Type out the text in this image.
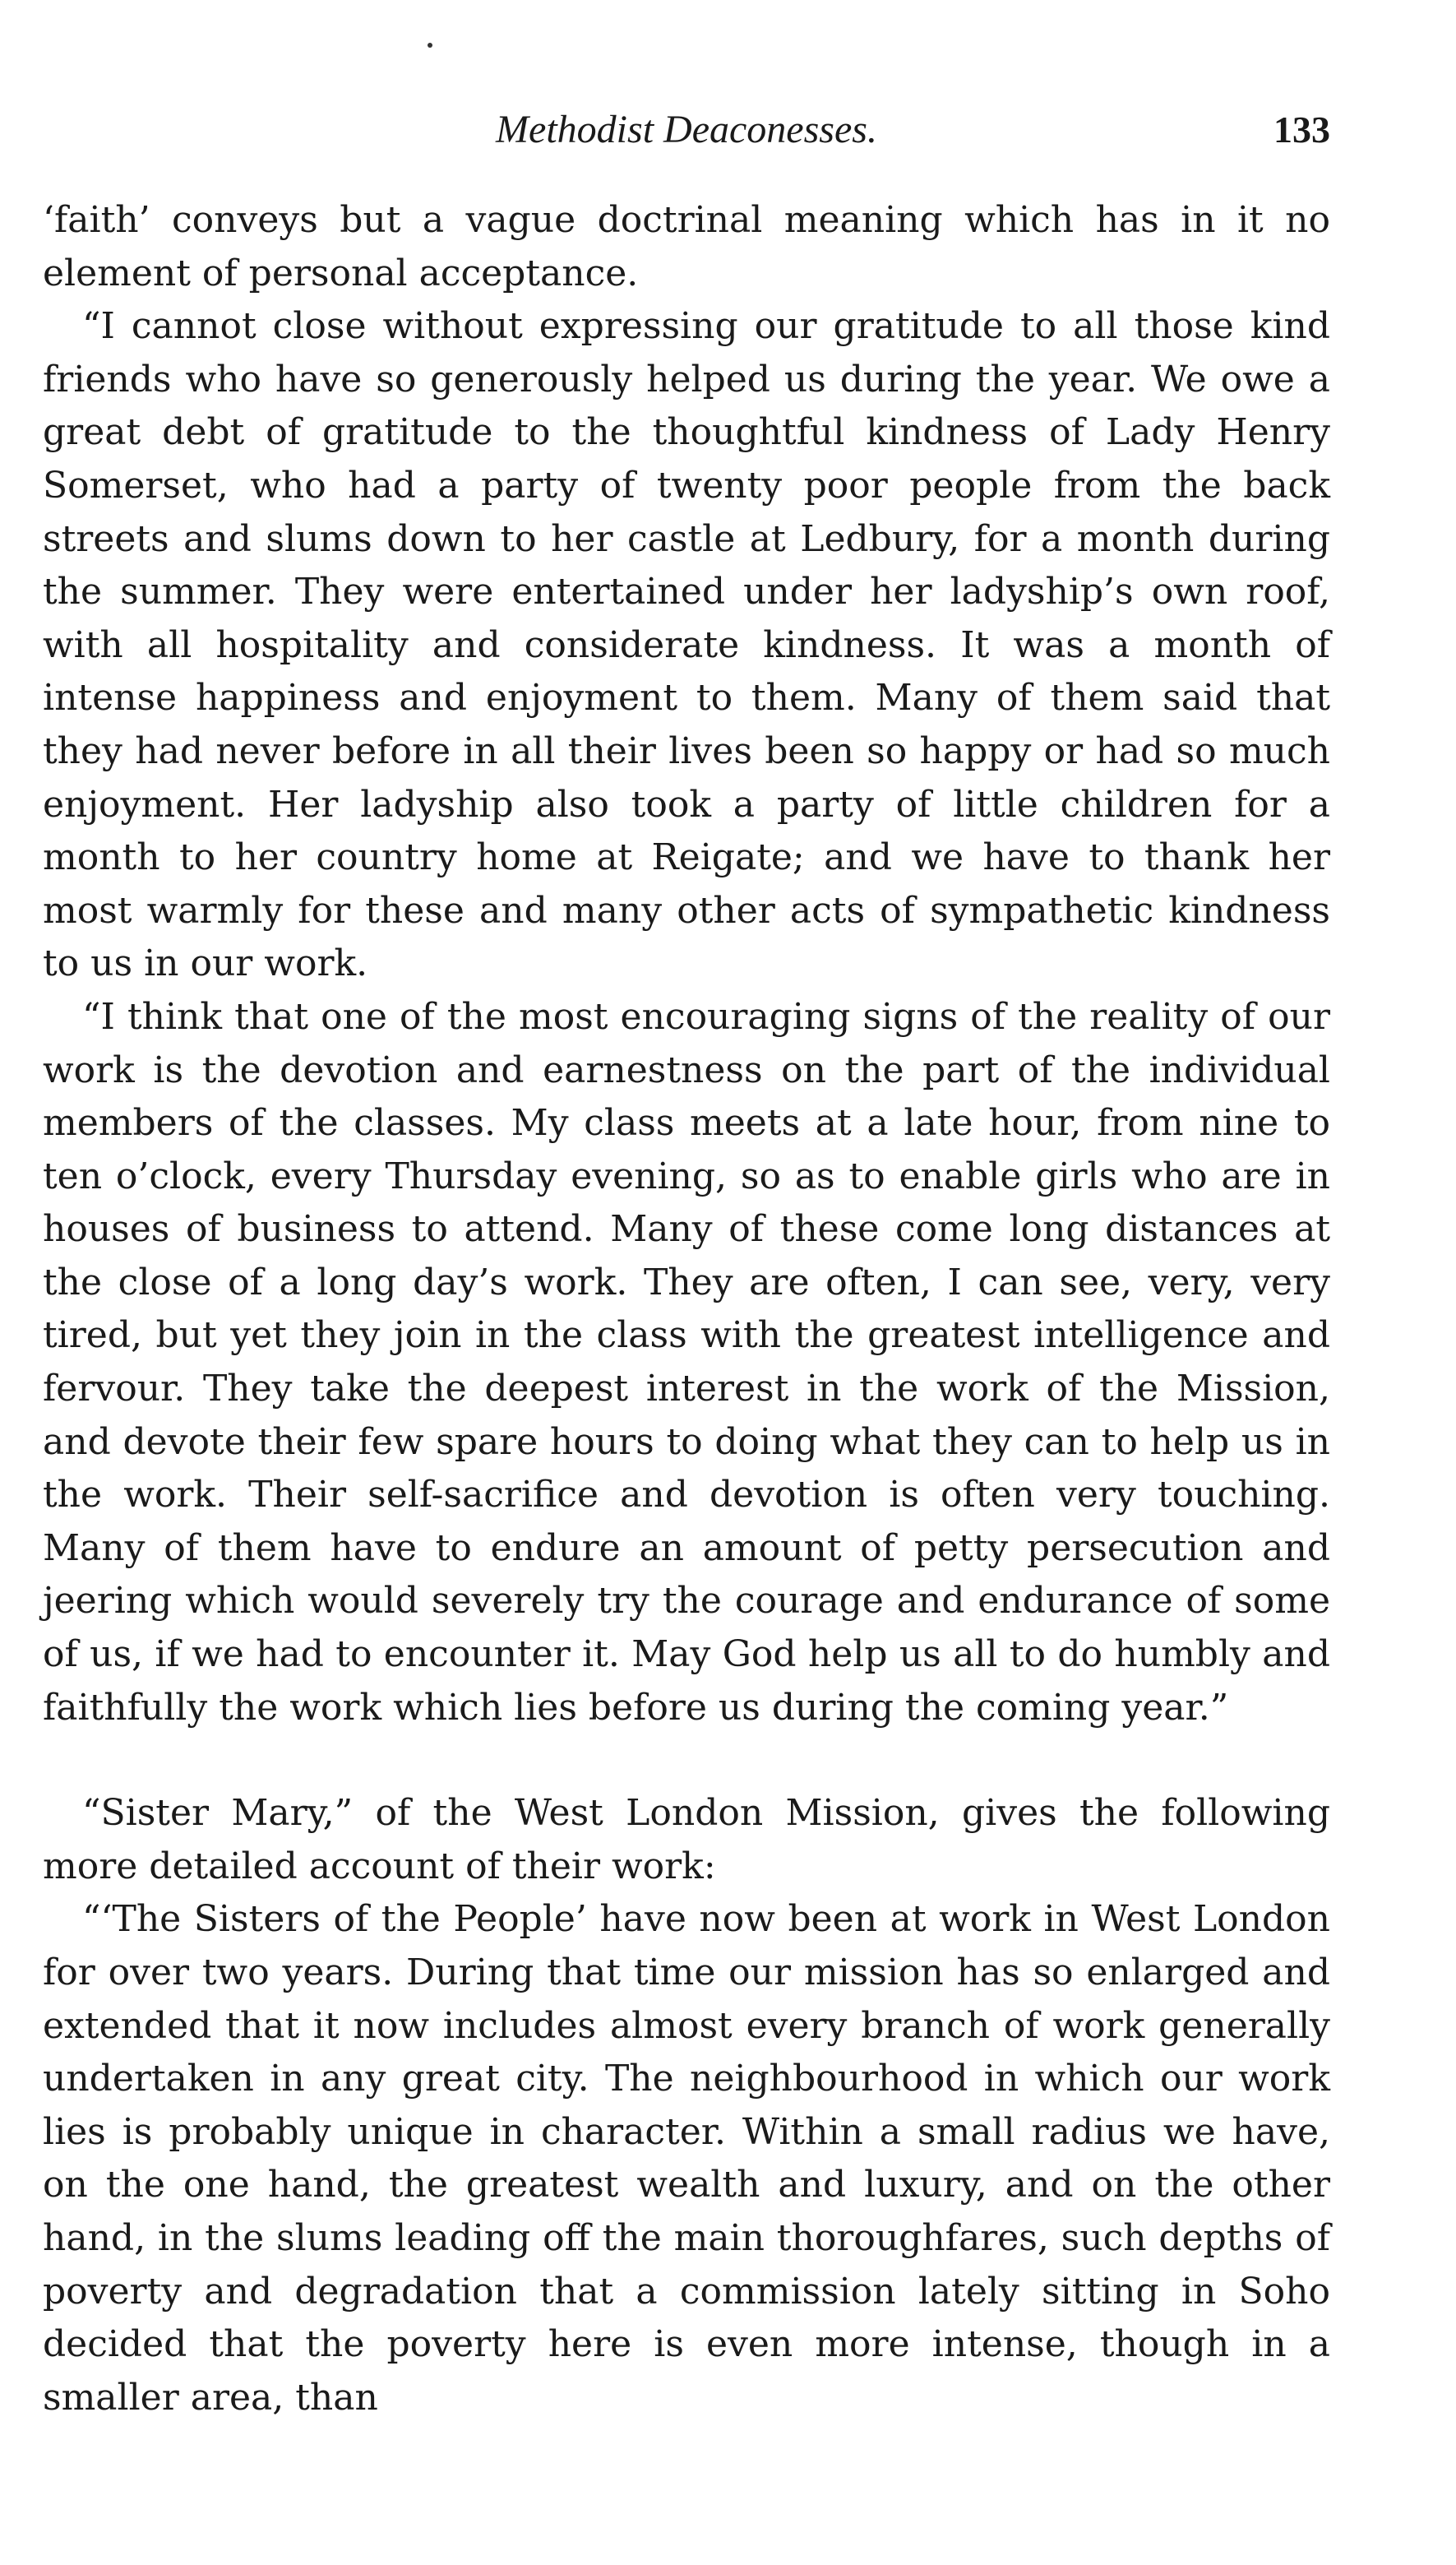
Methodist Deaconesses.	133

‘faith’ conveys but a vague doctrinal meaning which has in it no element of personal acceptance.

“I cannot close without expressing our gratitude to all those kind friends who have so generously helped us during the year. We owe a great debt of gratitude to the thoughtful kindness of Lady Henry Somerset, who had a party of twenty poor people from the back streets and slums down to her castle at Ledbury, for a month during the summer. They were entertained under her ladyship’s own roof, with all hospitality and considerate kindness. It was a month of intense happiness and enjoyment to them. Many of them said that they had never before in all their lives been so happy or had so much enjoyment. Her ladyship also took a party of little children for a month to her country home at Reigate; and we have to thank her most warmly for these and many other acts of sympathetic kindness to us in our work.

“I think that one of the most encouraging signs of the reality of our work is the devotion and earnestness on the part of the individual members of the classes. My class meets at a late hour, from nine to ten o’clock, every Thursday evening, so as to enable girls who are in houses of business to attend. Many of these come long distances at the close of a long day’s work. They are often, I can see, very, very tired, but yet they join in the class with the greatest intelligence and fervour. They take the deepest interest in the work of the Mission, and devote their few spare hours to doing what they can to help us in the work. Their self-sacrifice and devotion is often very touching. Many of them have to endure an amount of petty persecution and jeering which would severely try the courage and endurance of some of us, if we had to encounter it. May God help us all to do humbly and faithfully the work which lies before us during the coming year.”

“Sister Mary,” of the West London Mission, gives the following more detailed account of their work:

“‘The Sisters of the People’ have now been at work in West London for over two years. During that time our mission has so enlarged and extended that it now includes almost every branch of work generally undertaken in any great city. The neighbourhood in which our work lies is probably unique in character. Within a small radius we have, on the one hand, the greatest wealth and luxury, and on the other hand, in the slums leading off the main thoroughfares, such depths of poverty and degradation that a commission lately sitting in Soho decided that the poverty here is even more intense, though in a smaller area, than
